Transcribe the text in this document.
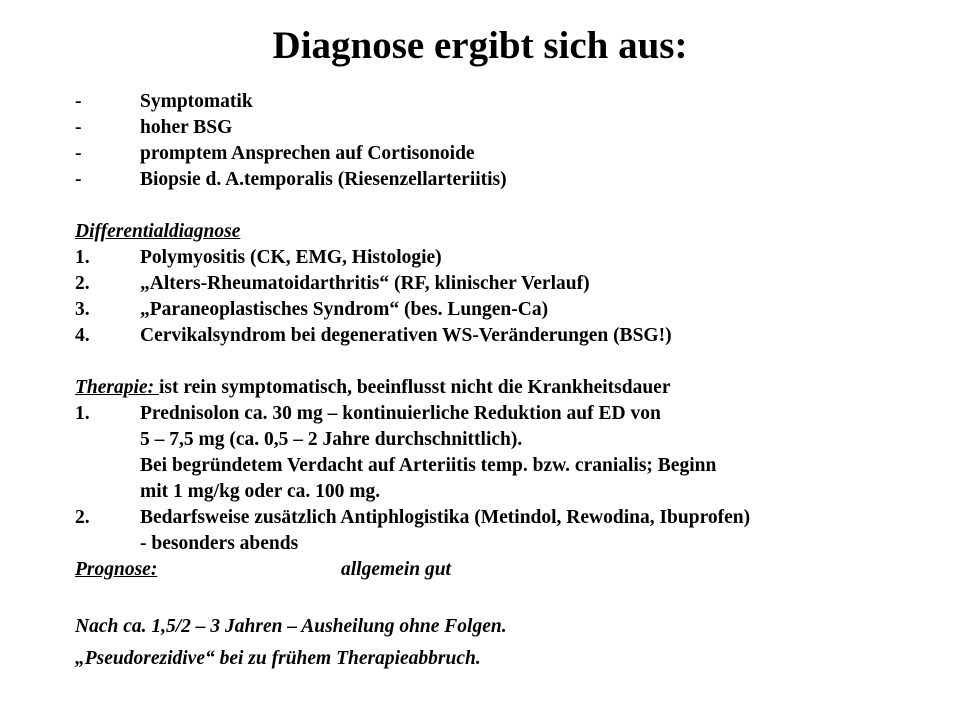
Diagnose ergibt sich aus:
-	Symptomatik
-	hoher BSG
-	promptem Ansprechen auf Cortisonoide
-	Biopsie d. A.temporalis (Riesenzellarteriitis)
Differentialdiagnose
1.	Polymyositis (CK, EMG, Histologie)
2.	„Alters-Rheumatoidarthritis“ (RF, klinischer Verlauf)
3.	„Paraneoplastisches Syndrom“ (bes. Lungen-Ca)
4.	Cervikalsyndrom bei degenerativen WS-Veränderungen (BSG!)
Therapie: ist rein symptomatisch, beeinflusst nicht die Krankheitsdauer
1.	Prednisolon ca. 30 mg – kontinuierliche Reduktion auf ED von
5 – 7,5 mg (ca. 0,5 – 2 Jahre durchschnittlich).
Bei begründetem Verdacht auf Arteriitis temp. bzw. cranialis; Beginn
mit 1 mg/kg oder ca. 100 mg.
2.	Bedarfsweise zusätzlich Antiphlogistika (Metindol, Rewodina, Ibuprofen)
- besonders abends
Prognose:	allgemein gut
Nach ca. 1,5/2 – 3 Jahren – Ausheilung ohne Folgen.
„Pseudorezidive“ bei zu frühem Therapieabbruch.
